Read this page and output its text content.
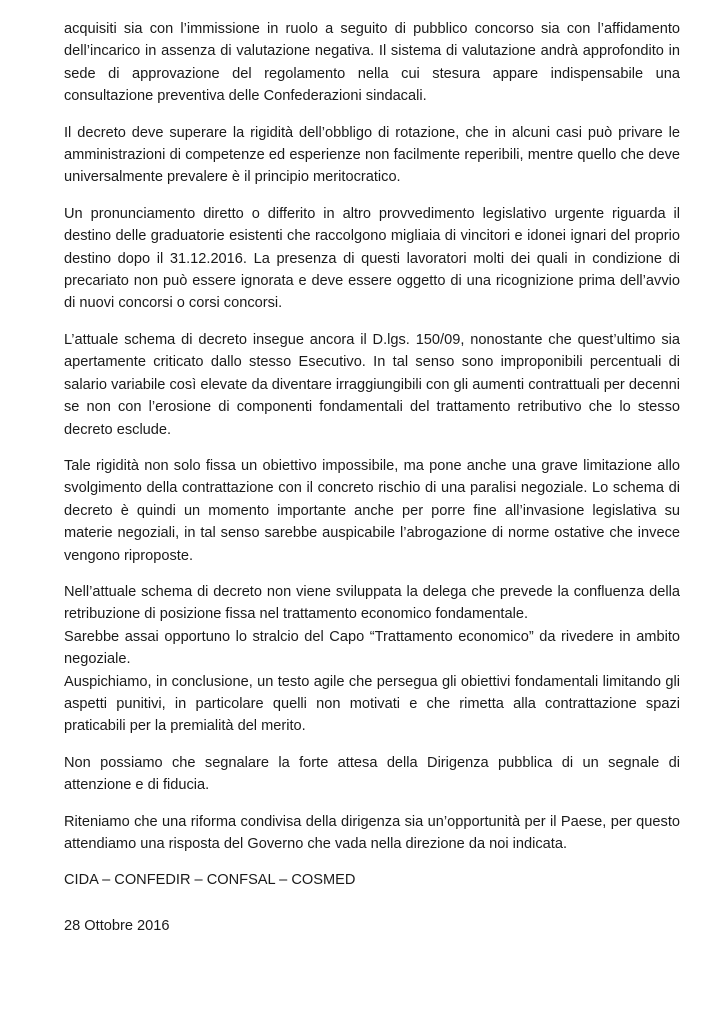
acquisiti sia con l’immissione in ruolo a seguito di pubblico concorso sia con l’affidamento dell’incarico in assenza di valutazione negativa. Il sistema di valutazione andrà approfondito in sede di approvazione del regolamento nella cui stesura appare indispensabile una consultazione preventiva delle Confederazioni sindacali.

Il decreto deve superare la rigidità dell’obbligo di rotazione, che in alcuni casi può privare le amministrazioni di competenze ed esperienze non facilmente reperibili, mentre quello che deve universalmente prevalere è il principio meritocratico.

Un pronunciamento diretto o differito in altro provvedimento legislativo urgente riguarda il destino delle graduatorie esistenti che raccolgono migliaia di vincitori e idonei ignari del proprio destino dopo il 31.12.2016. La presenza di questi lavoratori molti dei quali in condizione di precariato non può essere ignorata e deve essere oggetto di una ricognizione prima dell’avvio di nuovi concorsi o corsi concorsi.

L’attuale schema di decreto insegue ancora il D.lgs. 150/09, nonostante che quest’ultimo sia apertamente criticato dallo stesso Esecutivo. In tal senso sono improponibili percentuali di salario variabile così elevate da diventare irraggiungibili con gli aumenti contrattuali per decenni se non con l’erosione di componenti fondamentali del trattamento retributivo che lo stesso decreto esclude.

Tale rigidità non solo fissa un obiettivo impossibile, ma pone anche una grave limitazione allo svolgimento della contrattazione con il concreto rischio di una paralisi negoziale. Lo schema di decreto è quindi un momento importante anche per porre fine all’invasione legislativa su materie negoziali, in tal senso sarebbe auspicabile l’abrogazione di norme ostative che invece vengono riproposte.

Nell’attuale schema di decreto non viene sviluppata la delega che prevede la confluenza della retribuzione di posizione fissa nel trattamento economico fondamentale.

Sarebbe assai opportuno lo stralcio del Capo “Trattamento economico” da rivedere in ambito negoziale.

Auspichiamo, in conclusione, un testo agile che persegua gli obiettivi fondamentali limitando gli aspetti punitivi, in particolare quelli non motivati e che rimetta alla contrattazione spazi praticabili per la premialità del merito.

Non possiamo che segnalare la forte attesa della Dirigenza pubblica di un segnale di attenzione e di fiducia.

Riteniamo che una riforma condivisa della dirigenza sia un’opportunità per il Paese, per questo attendiamo una risposta del Governo che vada nella direzione da noi indicata.

CIDA – CONFEDIR – CONFSAL – COSMED

28 Ottobre 2016
